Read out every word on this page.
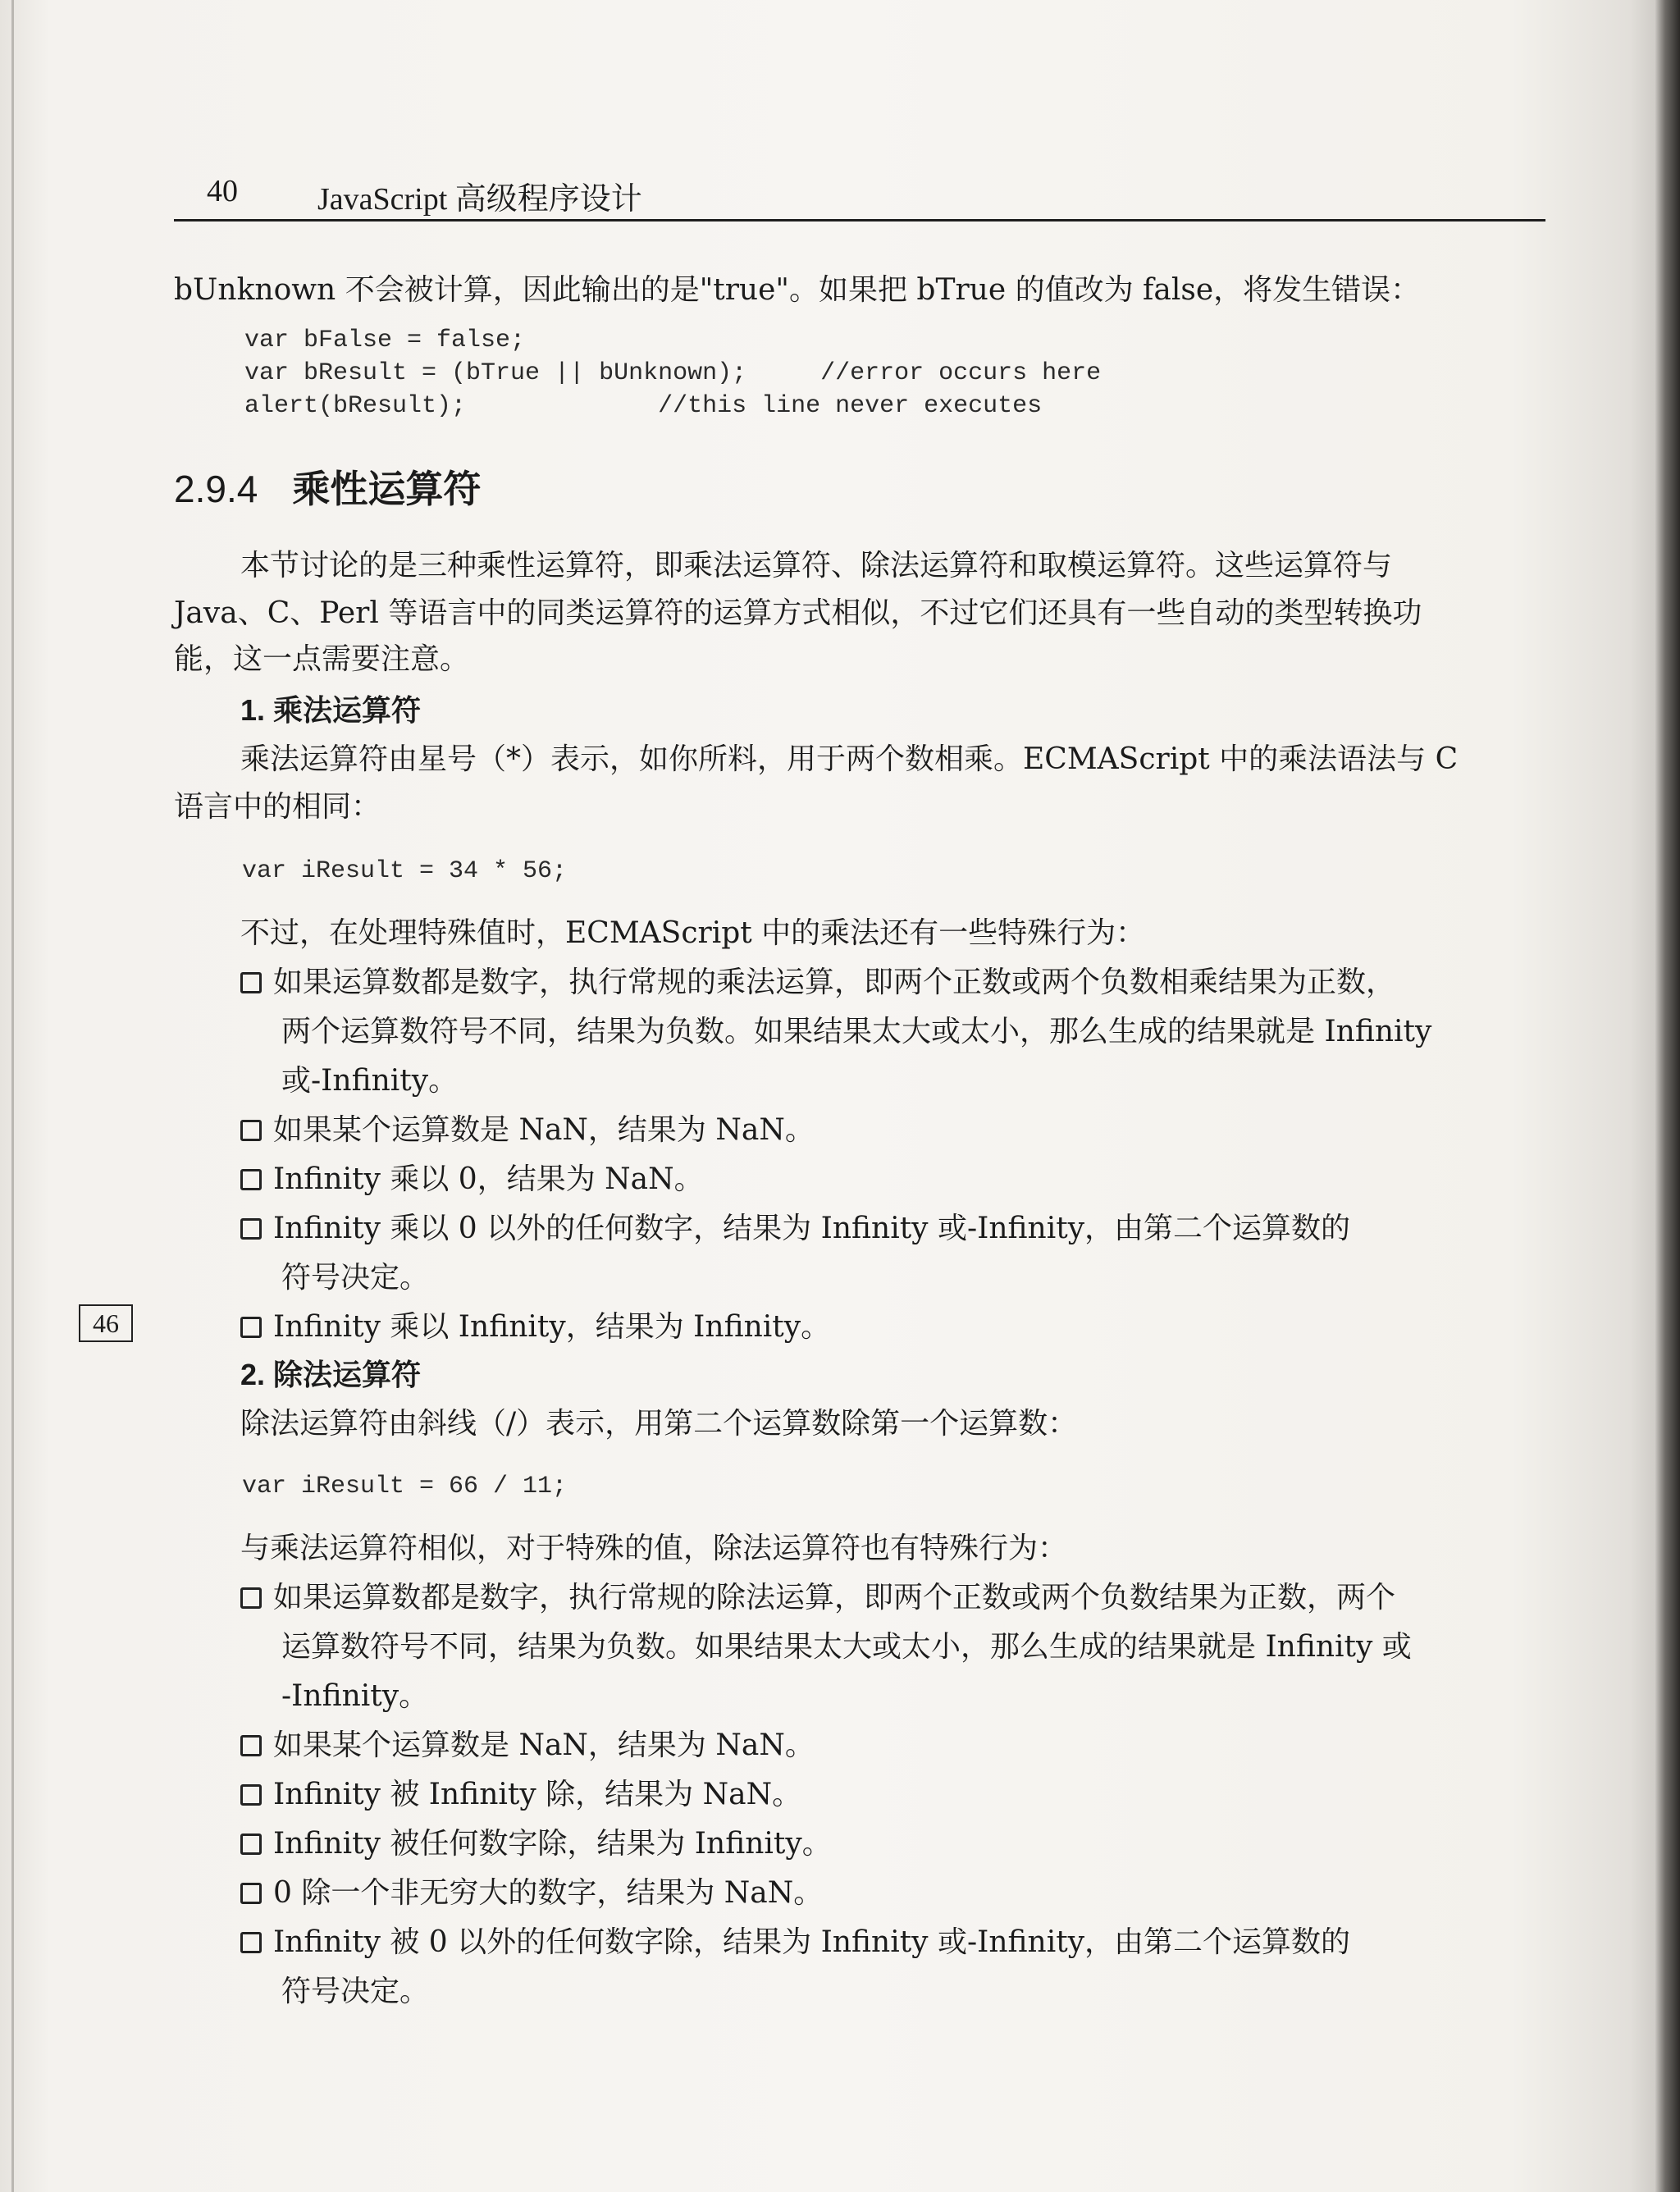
40	JavaScript 高级程序设计
bUnknown 不会被计算，因此输出的是"true"。如果把 bTrue 的值改为 false，将发生错误：
var bFalse = false;
var bResult = (bTrue || bUnknown);     //error occurs here
alert(bResult);             //this line never executes
2.9.4 乘性运算符
本节讨论的是三种乘性运算符，即乘法运算符、除法运算符和取模运算符。这些运算符与
Java、C、Perl 等语言中的同类运算符的运算方式相似，不过它们还具有一些自动的类型转换功
能，这一点需要注意。
1. 乘法运算符
乘法运算符由星号（*）表示，如你所料，用于两个数相乘。ECMAScript 中的乘法语法与 C
语言中的相同：
var iResult = 34 * 56;
不过，在处理特殊值时，ECMAScript 中的乘法还有一些特殊行为：
如果运算数都是数字，执行常规的乘法运算，即两个正数或两个负数相乘结果为正数，
两个运算数符号不同，结果为负数。如果结果太大或太小，那么生成的结果就是 Infinity
或-Infinity。
如果某个运算数是 NaN，结果为 NaN。
Infinity 乘以 0，结果为 NaN。
Infinity 乘以 0 以外的任何数字，结果为 Infinity 或-Infinity，由第二个运算数的
符号决定。
46	Infinity 乘以 Infinity，结果为 Infinity。
2. 除法运算符
除法运算符由斜线（/）表示，用第二个运算数除第一个运算数：
var iResult = 66 / 11;
与乘法运算符相似，对于特殊的值，除法运算符也有特殊行为：
如果运算数都是数字，执行常规的除法运算，即两个正数或两个负数结果为正数，两个
运算数符号不同，结果为负数。如果结果太大或太小，那么生成的结果就是 Infinity 或
-Infinity。
如果某个运算数是 NaN，结果为 NaN。
Infinity 被 Infinity 除，结果为 NaN。
Infinity 被任何数字除，结果为 Infinity。
0 除一个非无穷大的数字，结果为 NaN。
Infinity 被 0 以外的任何数字除，结果为 Infinity 或-Infinity，由第二个运算数的
符号决定。
